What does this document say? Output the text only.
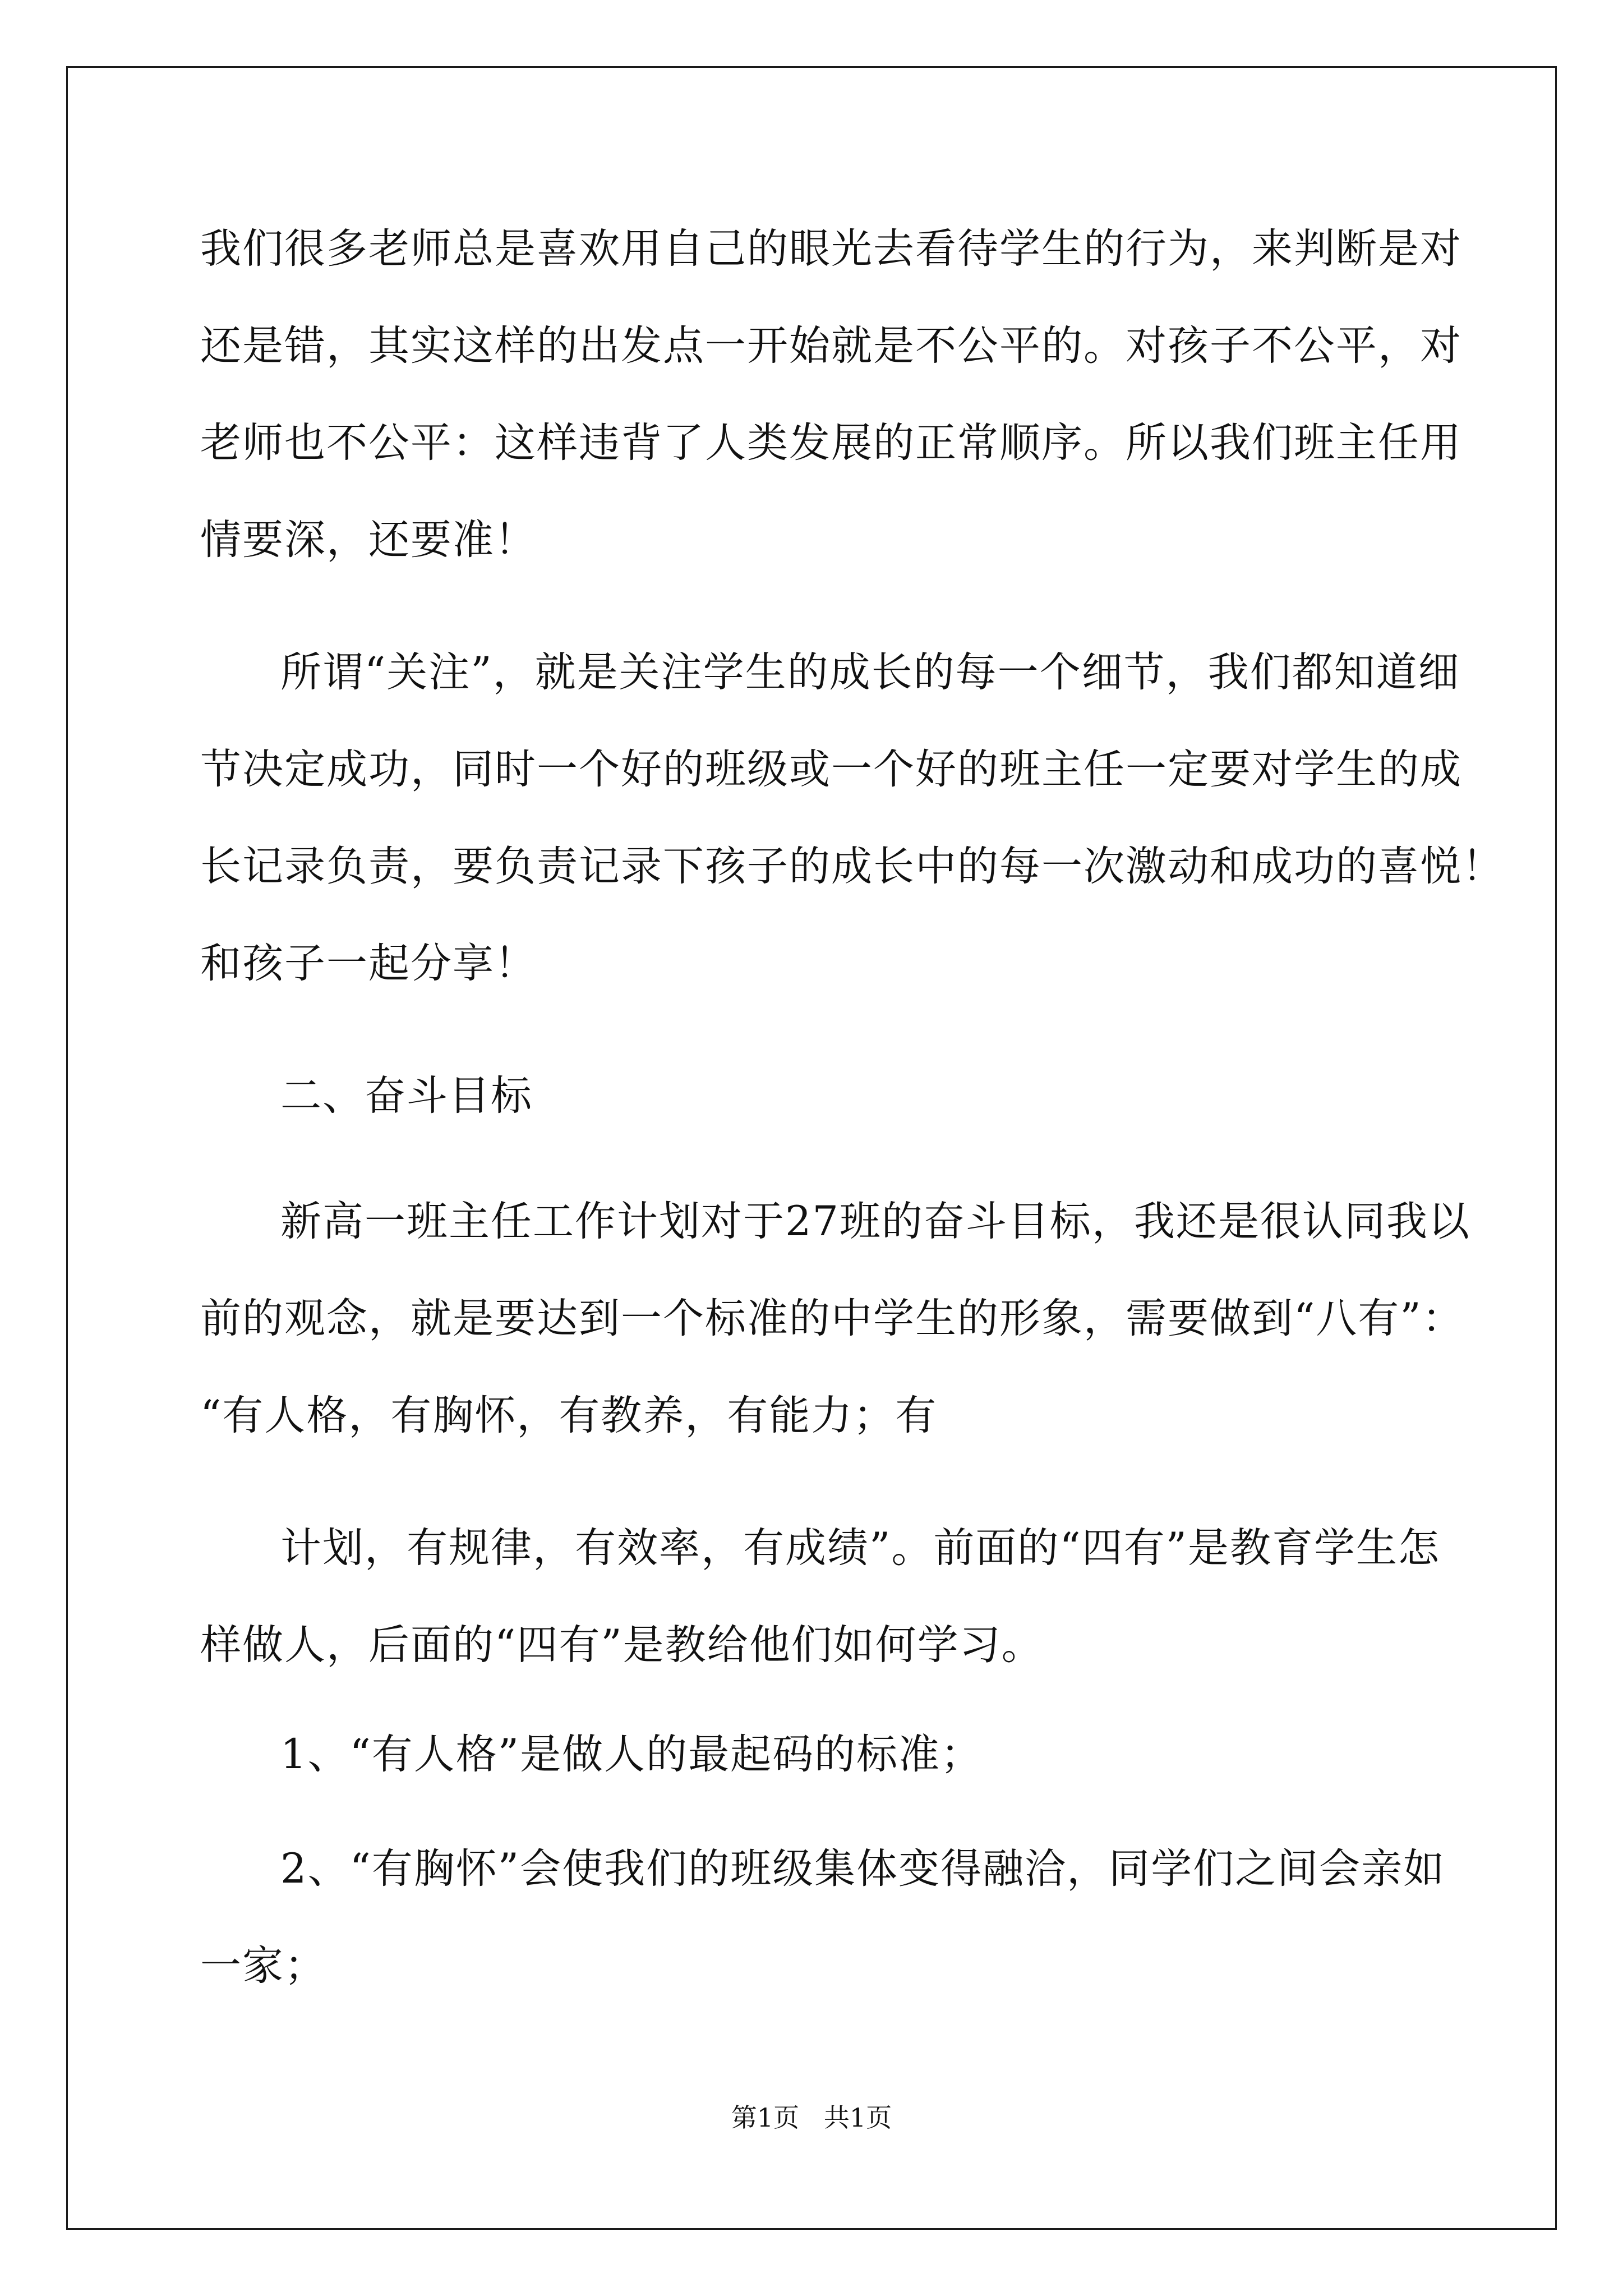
我们很多老师总是喜欢用自己的眼光去看待学生的行为，来判断是对
还是错，其实这样的出发点一开始就是不公平的。对孩子不公平，对
老师也不公平：这样违背了人类发展的正常顺序。所以我们班主任用
情要深，还要准！
所谓“关注”，就是关注学生的成长的每一个细节，我们都知道细
节决定成功，同时一个好的班级或一个好的班主任一定要对学生的成
长记录负责，要负责记录下孩子的成长中的每一次激动和成功的喜悦！
和孩子一起分享！
二、奋斗目标
新高一班主任工作计划对于27班的奋斗目标，我还是很认同我以
前的观念，就是要达到一个标准的中学生的形象，需要做到“八有”：
“有人格，有胸怀，有教养，有能力；有
计划，有规律，有效率，有成绩”。前面的“四有”是教育学生怎
样做人，后面的“四有”是教给他们如何学习。
1、“有人格”是做人的最起码的标准；
2、“有胸怀”会使我们的班级集体变得融洽，同学们之间会亲如
一家；
第1页   共1页
